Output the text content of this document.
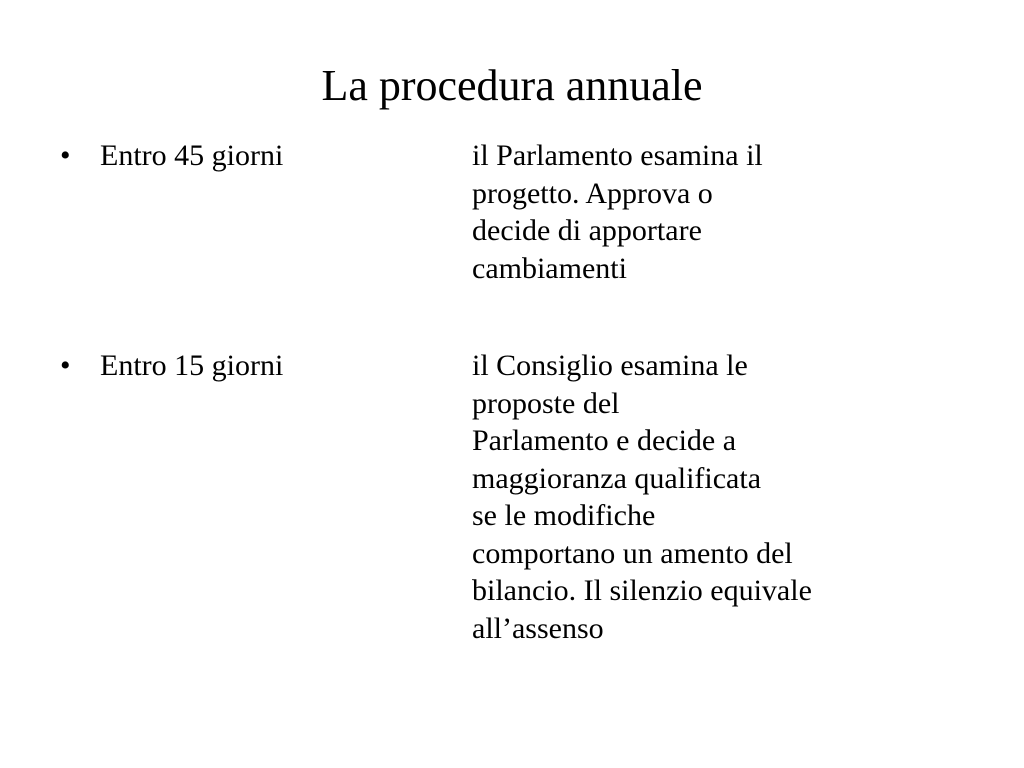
La procedura annuale
• Entro 45 giorni	il Parlamento esamina il
progetto. Approva o
decide di apportare
cambiamenti
• Entro 15 giorni	il Consiglio esamina le
proposte del
Parlamento e decide a
maggioranza qualificata
se le modifiche
comportano un amento del
bilancio. Il silenzio equivale
all’assenso
